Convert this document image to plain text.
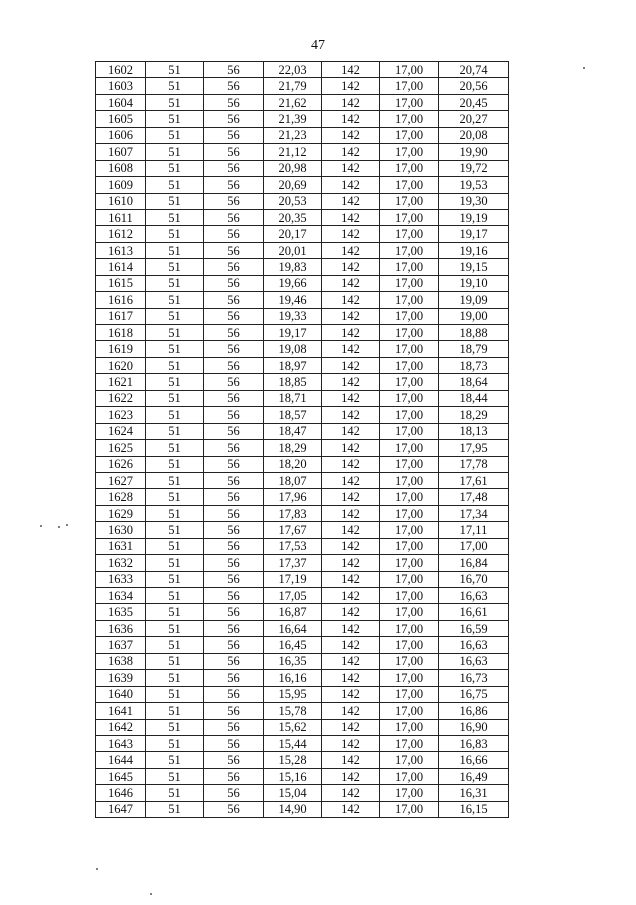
47
1602	51	56	22,03	142	17,00	20,74
1603	51	56	21,79	142	17,00	20,56
1604	51	56	21,62	142	17,00	20,45
1605	51	56	21,39	142	17,00	20,27
1606	51	56	21,23	142	17,00	20,08
1607	51	56	21,12	142	17,00	19,90
1608	51	56	20,98	142	17,00	19,72
1609	51	56	20,69	142	17,00	19,53
1610	51	56	20,53	142	17,00	19,30
1611	51	56	20,35	142	17,00	19,19
1612	51	56	20,17	142	17,00	19,17
1613	51	56	20,01	142	17,00	19,16
1614	51	56	19,83	142	17,00	19,15
1615	51	56	19,66	142	17,00	19,10
1616	51	56	19,46	142	17,00	19,09
1617	51	56	19,33	142	17,00	19,00
1618	51	56	19,17	142	17,00	18,88
1619	51	56	19,08	142	17,00	18,79
1620	51	56	18,97	142	17,00	18,73
1621	51	56	18,85	142	17,00	18,64
1622	51	56	18,71	142	17,00	18,44
1623	51	56	18,57	142	17,00	18,29
1624	51	56	18,47	142	17,00	18,13
1625	51	56	18,29	142	17,00	17,95
1626	51	56	18,20	142	17,00	17,78
1627	51	56	18,07	142	17,00	17,61
1628	51	56	17,96	142	17,00	17,48
1629	51	56	17,83	142	17,00	17,34
1630	51	56	17,67	142	17,00	17,11
1631	51	56	17,53	142	17,00	17,00
1632	51	56	17,37	142	17,00	16,84
1633	51	56	17,19	142	17,00	16,70
1634	51	56	17,05	142	17,00	16,63
1635	51	56	16,87	142	17,00	16,61
1636	51	56	16,64	142	17,00	16,59
1637	51	56	16,45	142	17,00	16,63
1638	51	56	16,35	142	17,00	16,63
1639	51	56	16,16	142	17,00	16,73
1640	51	56	15,95	142	17,00	16,75
1641	51	56	15,78	142	17,00	16,86
1642	51	56	15,62	142	17,00	16,90
1643	51	56	15,44	142	17,00	16,83
1644	51	56	15,28	142	17,00	16,66
1645	51	56	15,16	142	17,00	16,49
1646	51	56	15,04	142	17,00	16,31
1647	51	56	14,90	142	17,00	16,15
